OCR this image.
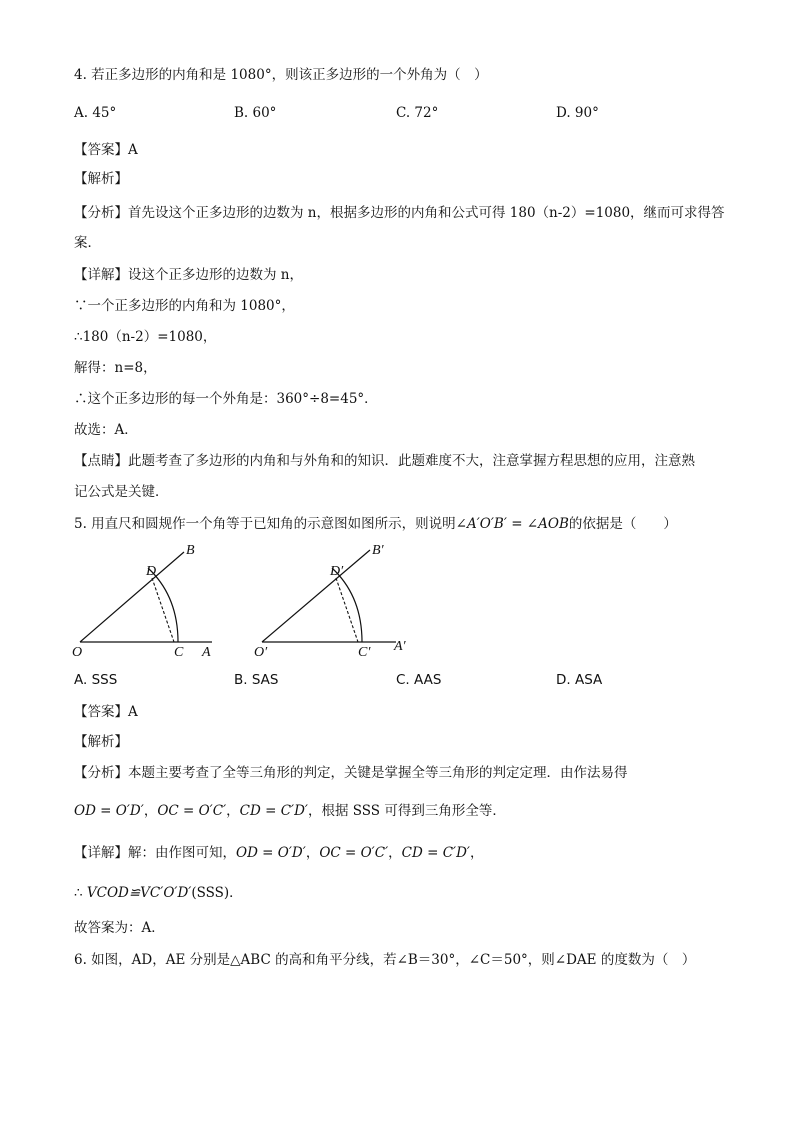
4. 若正多边形的内角和是 1080°，则该正多边形的一个外角为（　）
A. 45°	B. 60°	C. 72°	D. 90°
【答案】A
【解析】
【分析】首先设这个正多边形的边数为 n，根据多边形的内角和公式可得 180（n-2）=1080，继而可求得答
案．
【详解】设这个正多边形的边数为 n，
∵一个正多边形的内角和为 1080°，
∴180（n-2）=1080，
解得：n=8，
∴这个正多边形的每一个外角是：360°÷8=45°．
故选：A．
【点睛】此题考查了多边形的内角和与外角和的知识．此题难度不大，注意掌握方程思想的应用，注意熟
记公式是关键．
5. 用直尺和圆规作一个角等于已知角的示意图如图所示，则说明∠A′O′B′ = ∠AOB的依据是（　　）
B
D
O	C A
B′
D′
O′	C′ A′
A. SSS	B. SAS	C. AAS	D. ASA
【答案】A
【解析】
【分析】本题主要考查了全等三角形的判定，关键是掌握全等三角形的判定定理．由作法易得
OD = O′D′，OC = O′C′，CD = C′D′，根据 SSS 可得到三角形全等．
【详解】解：由作图可知，OD = O′D′，OC = O′C′，CD = C′D′，
∴ VCOD≌VC′O′D′(SSS)．
故答案为：A．
6. 如图，AD，AE 分别是△ABC 的高和角平分线，若∠B＝30°，∠C＝50°，则∠DAE 的度数为（　）
